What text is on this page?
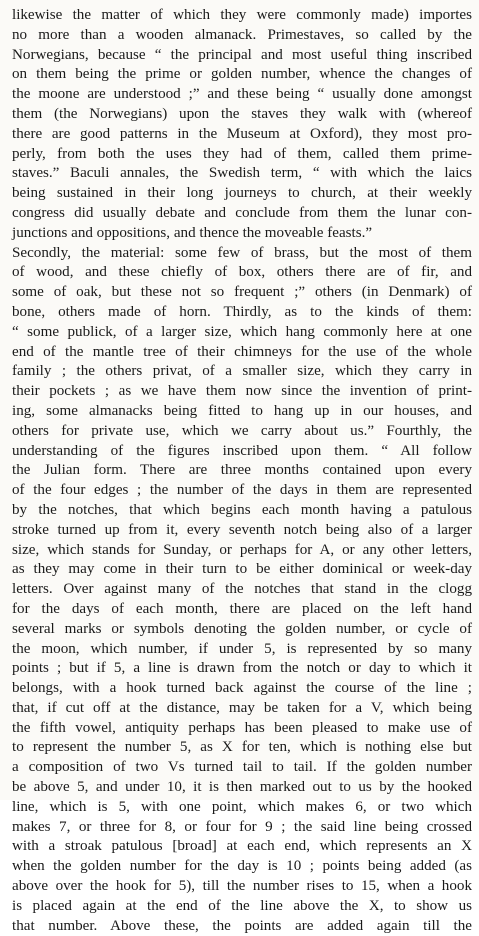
likewise the matter of which they were commonly made) importes
no more than a wooden almanack. Primestaves, so called by the
Norwegians, because “ the principal and most useful thing inscribed
on them being the prime or golden number, whence the changes of
the moone are understood ;” and these being “ usually done amongst
them (the Norwegians) upon the staves they walk with (whereof
there are good patterns in the Museum at Oxford), they most pro-
perly, from both the uses they had of them, called them prime-
staves.” Baculi annales, the Swedish term, “ with which the laics
being sustained in their long journeys to church, at their weekly
congress did usually debate and conclude from them the lunar con-
junctions and oppositions, and thence the moveable feasts.”
Secondly, the material: some few of brass, but the most of them
of wood, and these chiefly of box, others there are of fir, and
some of oak, but these not so frequent ;” others (in Denmark) of
bone, others made of horn. Thirdly, as to the kinds of them:
“ some publick, of a larger size, which hang commonly here at one
end of the mantle tree of their chimneys for the use of the whole
family ; the others privat, of a smaller size, which they carry in
their pockets ; as we have them now since the invention of print-
ing, some almanacks being fitted to hang up in our houses, and
others for private use, which we carry about us.” Fourthly, the
understanding of the figures inscribed upon them. “ All follow
the Julian form. There are three months contained upon every
of the four edges ; the number of the days in them are represented
by the notches, that which begins each month having a patulous
stroke turned up from it, every seventh notch being also of a larger
size, which stands for Sunday, or perhaps for A, or any other letters,
as they may come in their turn to be either dominical or week-day
letters. Over against many of the notches that stand in the clogg
for the days of each month, there are placed on the left hand
several marks or symbols denoting the golden number, or cycle of
the moon, which number, if under 5, is represented by so many
points ; but if 5, a line is drawn from the notch or day to which it
belongs, with a hook turned back against the course of the line ;
that, if cut off at the distance, may be taken for a V, which being
the fifth vowel, antiquity perhaps has been pleased to make use of
to represent the number 5, as X for ten, which is nothing else but
a composition of two Vs turned tail to tail. If the golden number
be above 5, and under 10, it is then marked out to us by the hooked
line, which is 5, with one point, which makes 6, or two which
makes 7, or three for 8, or four for 9 ; the said line being crossed
with a stroak patulous [broad] at each end, which represents an X
when the golden number for the day is 10 ; points being added (as
above over the hook for 5), till the number rises to 15, when a hook
is placed again at the end of the line above the X, to show us
that number. Above these, the points are added again till the
